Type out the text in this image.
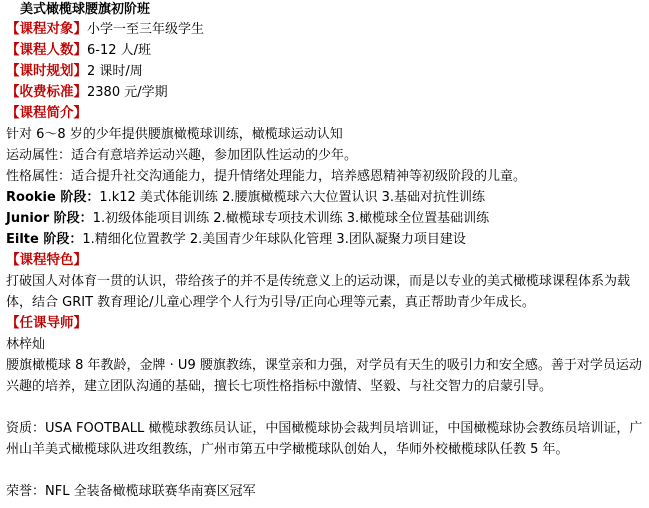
美式橄榄球腰旗初阶班
【课程对象】小学一至三年级学生
【课程人数】6-12 人/班
【课时规划】2 课时/周
【收费标准】2380 元/学期
【课程简介】
针对 6～8 岁的少年提供腰旗橄榄球训练，橄榄球运动认知
运动属性：适合有意培养运动兴趣，参加团队性运动的少年。
性格属性：适合提升社交沟通能力，提升情绪处理能力，培养感恩精神等初级阶段的儿童。
Rookie 阶段：1.k12 美式体能训练 2.腰旗橄榄球六大位置认识 3.基础对抗性训练
Junior 阶段：1.初级体能项目训练 2.橄榄球专项技术训练 3.橄榄球全位置基础训练
Eilte 阶段：1.精细化位置教学 2.美国青少年球队化管理 3.团队凝聚力项目建设
【课程特色】

打破国人对体育一贯的认识，带给孩子的并不是传统意义上的运动课，而是以专业的美式橄榄球课程体系为载体，结合 GRIT 教育理论/儿童心理学个人行为引导/正向心理等元素，真正帮助青少年成长。

【任课导师】
林梓灿

腰旗橄榄球 8 年教龄，金牌 · U9 腰旗教练，课堂亲和力强，对学员有天生的吸引力和安全感。善于对学员运动兴趣的培养，建立团队沟通的基础，擅长七项性格指标中激情、坚毅、与社交智力的启蒙引导。

资质：USA FOOTBALL 橄榄球教练员认证，中国橄榄球协会裁判员培训证，中国橄榄球协会教练员培训证，广州山羊美式橄榄球队进攻组教练，广州市第五中学橄榄球队创始人，华师外校橄榄球队任教 5 年。

荣誉：NFL 全装备橄榄球联赛华南赛区冠军
